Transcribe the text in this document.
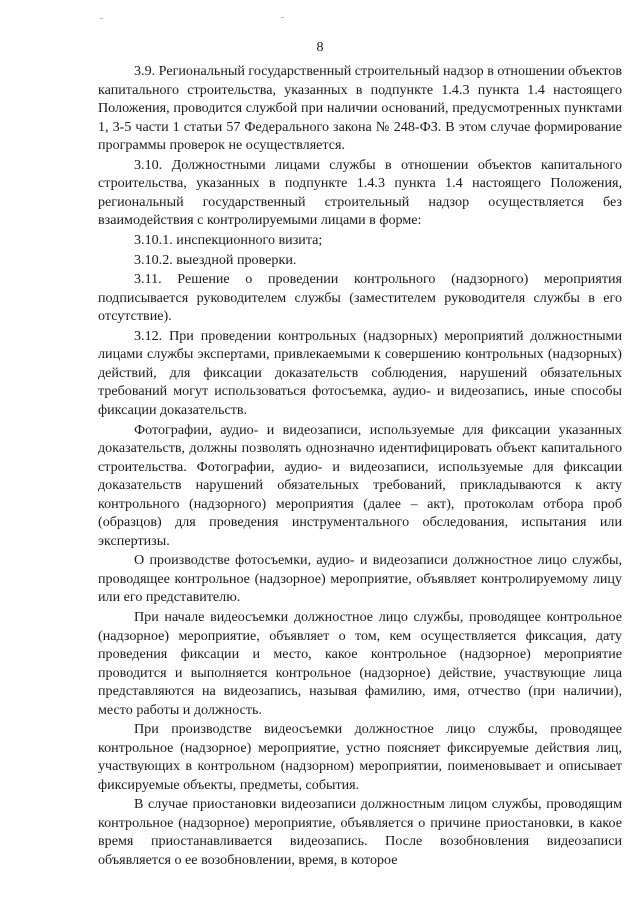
8

3.9. Региональный государственный строительный надзор в отношении объектов капитального строительства, указанных в подпункте 1.4.3 пункта 1.4 настоящего Положения, проводится службой при наличии оснований, предусмотренных пунктами 1, 3-5 части 1 статьи 57 Федерального закона № 248-ФЗ. В этом случае формирование программы проверок не осуществляется.

3.10. Должностными лицами службы в отношении объектов капитального строительства, указанных в подпункте 1.4.3 пункта 1.4 настоящего Положения, региональный государственный строительный надзор осуществляется без взаимодействия с контролируемыми лицами в форме:

3.10.1. инспекционного визита;

3.10.2. выездной проверки.

3.11. Решение о проведении контрольного (надзорного) мероприятия подписывается руководителем службы (заместителем руководителя службы в его отсутствие).

3.12. При проведении контрольных (надзорных) мероприятий должностными лицами службы экспертами, привлекаемыми к совершению контрольных (надзорных) действий, для фиксации доказательств соблюдения, нарушений обязательных требований могут использоваться фотосъемка, аудио- и видеозапись, иные способы фиксации доказательств.

Фотографии, аудио- и видеозаписи, используемые для фиксации указанных доказательств, должны позволять однозначно идентифицировать объект капитального строительства. Фотографии, аудио- и видеозаписи, используемые для фиксации доказательств нарушений обязательных требований, прикладываются к акту контрольного (надзорного) мероприятия (далее – акт), протоколам отбора проб (образцов) для проведения инструментального обследования, испытания или экспертизы.

О производстве фотосъемки, аудио- и видеозаписи должностное лицо службы, проводящее контрольное (надзорное) мероприятие, объявляет контролируемому лицу или его представителю.

При начале видеосъемки должностное лицо службы, проводящее контрольное (надзорное) мероприятие, объявляет о том, кем осуществляется фиксация, дату проведения фиксации и место, какое контрольное (надзорное) мероприятие проводится и выполняется контрольное (надзорное) действие, участвующие лица представляются на видеозапись, называя фамилию, имя, отчество (при наличии), место работы и должность.

При производстве видеосъемки должностное лицо службы, проводящее контрольное (надзорное) мероприятие, устно поясняет фиксируемые действия лиц, участвующих в контрольном (надзорном) мероприятии, поименовывает и описывает фиксируемые объекты, предметы, события.

В случае приостановки видеозаписи должностным лицом службы, проводящим контрольное (надзорное) мероприятие, объявляется о причине приостановки, в какое время приостанавливается видеозапись. После возобновления видеозаписи объявляется о ее возобновлении, время, в которое
